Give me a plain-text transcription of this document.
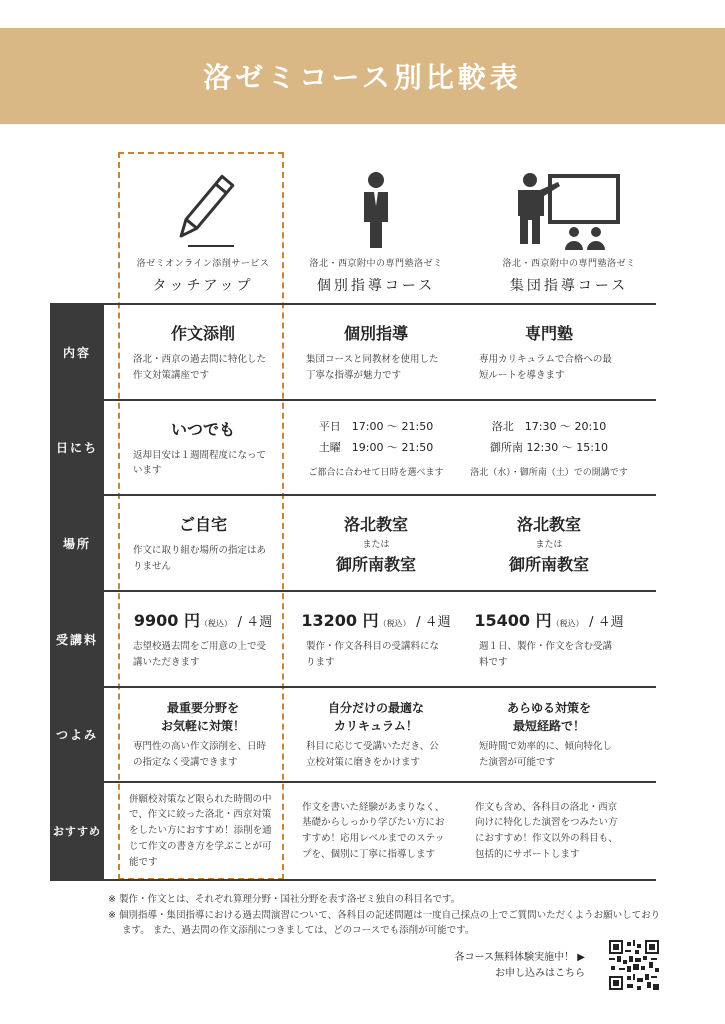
洛ゼミコース別比較表
洛ゼミオンライン添削サービス
タッチアップ
洛北・西京附中の専門塾洛ゼミ
個別指導コース
洛北・西京附中の専門塾洛ゼミ
集団指導コース
内容
作文添削
洛北・西京の過去問に特化した作文対策講座です
個別指導
集団コースと同教材を使用した丁寧な指導が魅力です
専門塾
専用カリキュラムで合格への最短ルートを導きます
日にち
いつでも
返却目安は１週間程度になっています
平日　17:00 〜 21:50
土曜　19:00 〜 21:50
ご都合に合わせて日時を選べます
洛北　17:30 〜 20:10
御所南 12:30 〜 15:10
洛北（水）・御所南（土）での開講です
場所
ご自宅
作文に取り組む場所の指定はありません
洛北教室
または
御所南教室
洛北教室
または
御所南教室
受講料
9900 円（税込） / ４週
志望校過去問をご用意の上で受講いただきます
13200 円（税込） / ４週
製作・作文各科目の受講料になります
15400 円（税込） / ４週
週１日、製作・作文を含む受講料です
つよみ
最重要分野を
お気軽に対策！
専門性の高い作文添削を、日時の指定なく受講できます
自分だけの最適な
カリキュラム！
科目に応じて受講いただき、公立校対策に磨きをかけます
あらゆる対策を
最短経路で！
短時間で効率的に、傾向特化した演習が可能です
おすすめ
併願校対策など限られた時間の中で、作文に絞った洛北・西京対策をしたい方におすすめ！添削を通じて作文の書き方を学ぶことが可能です
作文を書いた経験があまりなく、基礎からしっかり学びたい方におすすめ！応用レベルまでのステップを、個別に丁寧に指導します
作文も含め、各科目の洛北・西京向けに特化した演習をつみたい方におすすめ！作文以外の科目も、包括的にサポートします

※ 製作・作文とは、それぞれ算理分野・国社分野を表す洛ゼミ独自の科目名です。

※ 個別指導・集団指導における過去問演習について、各科目の記述問題は一度自己採点の上でご質問いただくようお願いしております。 また、過去問の作文添削につきましては、どのコースでも添削が可能です。

各コース無料体験実施中！ ▶
お申し込みはこちら
